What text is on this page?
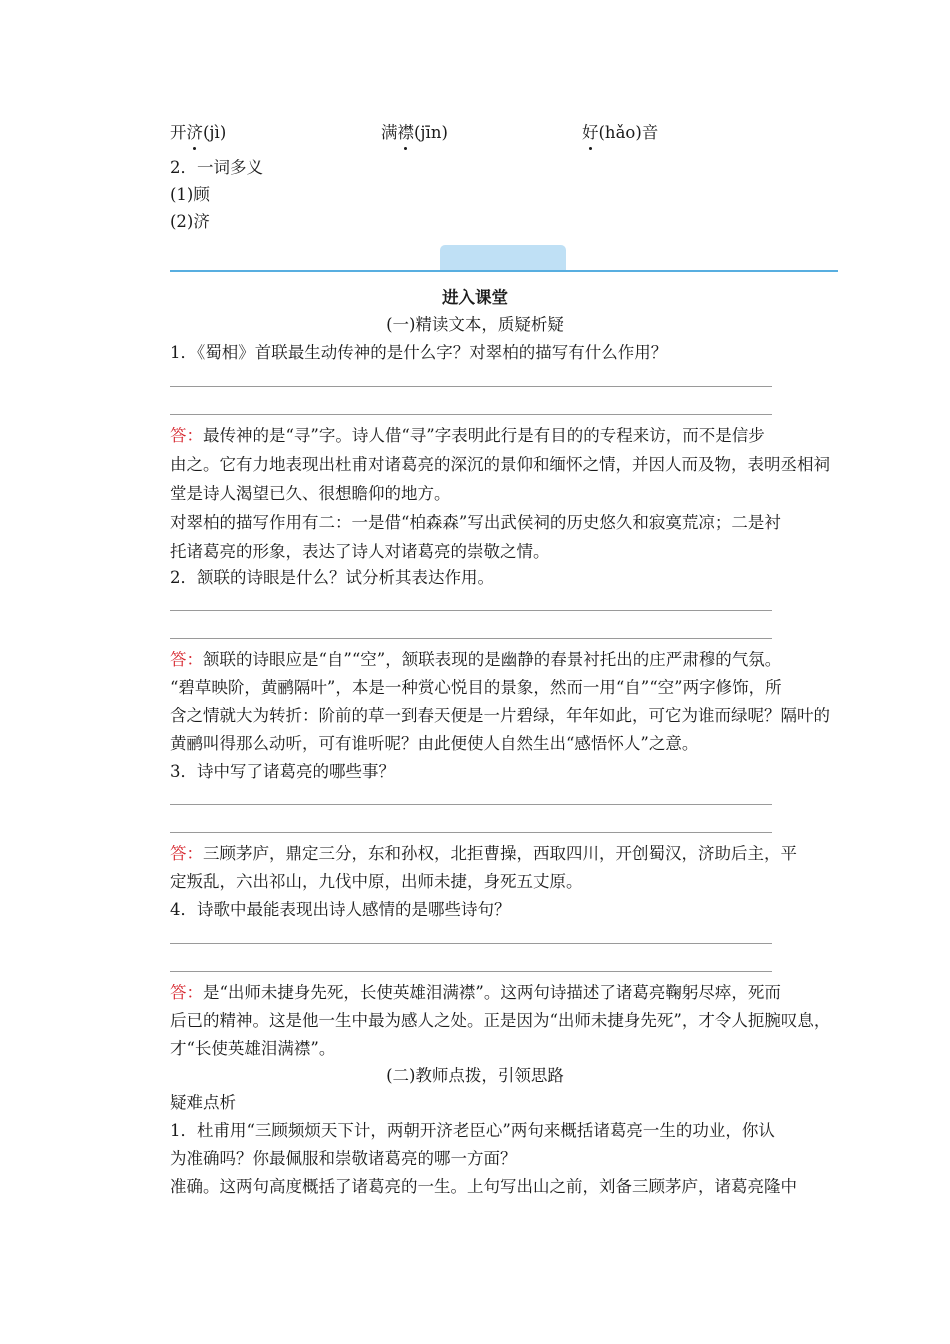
开济(jì)	满襟(jīn)	好(hǎo)音
2．一词多义
(1)顾
(2)济
进入课堂
(一)精读文本，质疑析疑
1．《蜀相》首联最生动传神的是什么字？对翠柏的描写有什么作用？
答：最传神的是“寻”字。诗人借“寻”字表明此行是有目的的专程来访，而不是信步
由之。它有力地表现出杜甫对诸葛亮的深沉的景仰和缅怀之情，并因人而及物，表明丞相祠
堂是诗人渴望已久、很想瞻仰的地方。
对翠柏的描写作用有二：一是借“柏森森”写出武侯祠的历史悠久和寂寞荒凉；二是衬
托诸葛亮的形象，表达了诗人对诸葛亮的崇敬之情。
2．颔联的诗眼是什么？试分析其表达作用。
答：颔联的诗眼应是“自”“空”，颔联表现的是幽静的春景衬托出的庄严肃穆的气氛。
“碧草映阶，黄鹂隔叶”，本是一种赏心悦目的景象，然而一用“自”“空”两字修饰，所
含之情就大为转折：阶前的草一到春天便是一片碧绿，年年如此，可它为谁而绿呢？隔叶的
黄鹂叫得那么动听，可有谁听呢？由此便使人自然生出“感悟怀人”之意。
3．诗中写了诸葛亮的哪些事？
答：三顾茅庐，鼎定三分，东和孙权，北拒曹操，西取四川，开创蜀汉，济助后主，平
定叛乱，六出祁山，九伐中原，出师未捷，身死五丈原。
4．诗歌中最能表现出诗人感情的是哪些诗句？
答：是“出师未捷身先死，长使英雄泪满襟”。这两句诗描述了诸葛亮鞠躬尽瘁，死而
后已的精神。这是他一生中最为感人之处。正是因为“出师未捷身先死”，才令人扼腕叹息，
才“长使英雄泪满襟”。
(二)教师点拨，引领思路
疑难点析
1．杜甫用“三顾频烦天下计，两朝开济老臣心”两句来概括诸葛亮一生的功业，你认
为准确吗？你最佩服和崇敬诸葛亮的哪一方面？
准确。这两句高度概括了诸葛亮的一生。上句写出山之前，刘备三顾茅庐，诸葛亮隆中
